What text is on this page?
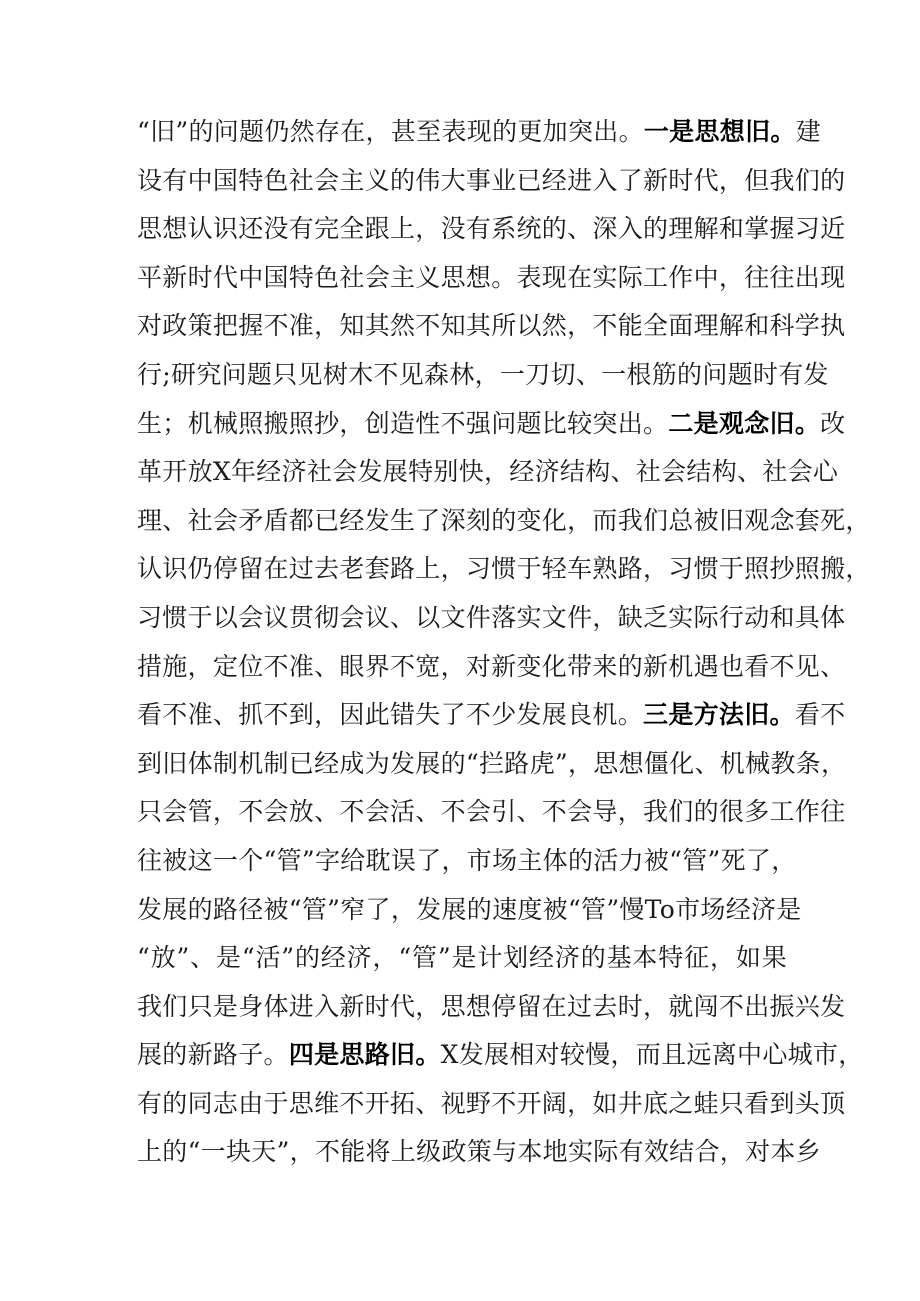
“旧”的问题仍然存在，甚至表现的更加突出。一是思想旧。建
设有中国特色社会主义的伟大事业已经进入了新时代，但我们的
思想认识还没有完全跟上，没有系统的、深入的理解和掌握习近
平新时代中国特色社会主义思想。表现在实际工作中，往往出现
对政策把握不准，知其然不知其所以然，不能全面理解和科学执
行;研究问题只见树木不见森林，一刀切、一根筋的问题时有发
生；机械照搬照抄，创造性不强问题比较突出。二是观念旧。改
革开放X年经济社会发展特别快，经济结构、社会结构、社会心
理、社会矛盾都已经发生了深刻的变化，而我们总被旧观念套死，
认识仍停留在过去老套路上，习惯于轻车熟路，习惯于照抄照搬，
习惯于以会议贯彻会议、以文件落实文件，缺乏实际行动和具体
措施，定位不准、眼界不宽，对新变化带来的新机遇也看不见、
看不准、抓不到，因此错失了不少发展良机。三是方法旧。看不
到旧体制机制已经成为发展的“拦路虎”，思想僵化、机械教条，
只会管，不会放、不会活、不会引、不会导，我们的很多工作往
往被这一个“管”字给耽误了，市场主体的活力被“管”死了，
发展的路径被“管”窄了，发展的速度被“管”慢To市场经济是
“放”、是“活”的经济，“管”是计划经济的基本特征，如果
我们只是身体进入新时代，思想停留在过去时，就闯不出振兴发
展的新路子。四是思路旧。X发展相对较慢，而且远离中心城市，
有的同志由于思维不开拓、视野不开阔，如井底之蛙只看到头顶
上的“一块天”，不能将上级政策与本地实际有效结合，对本乡
